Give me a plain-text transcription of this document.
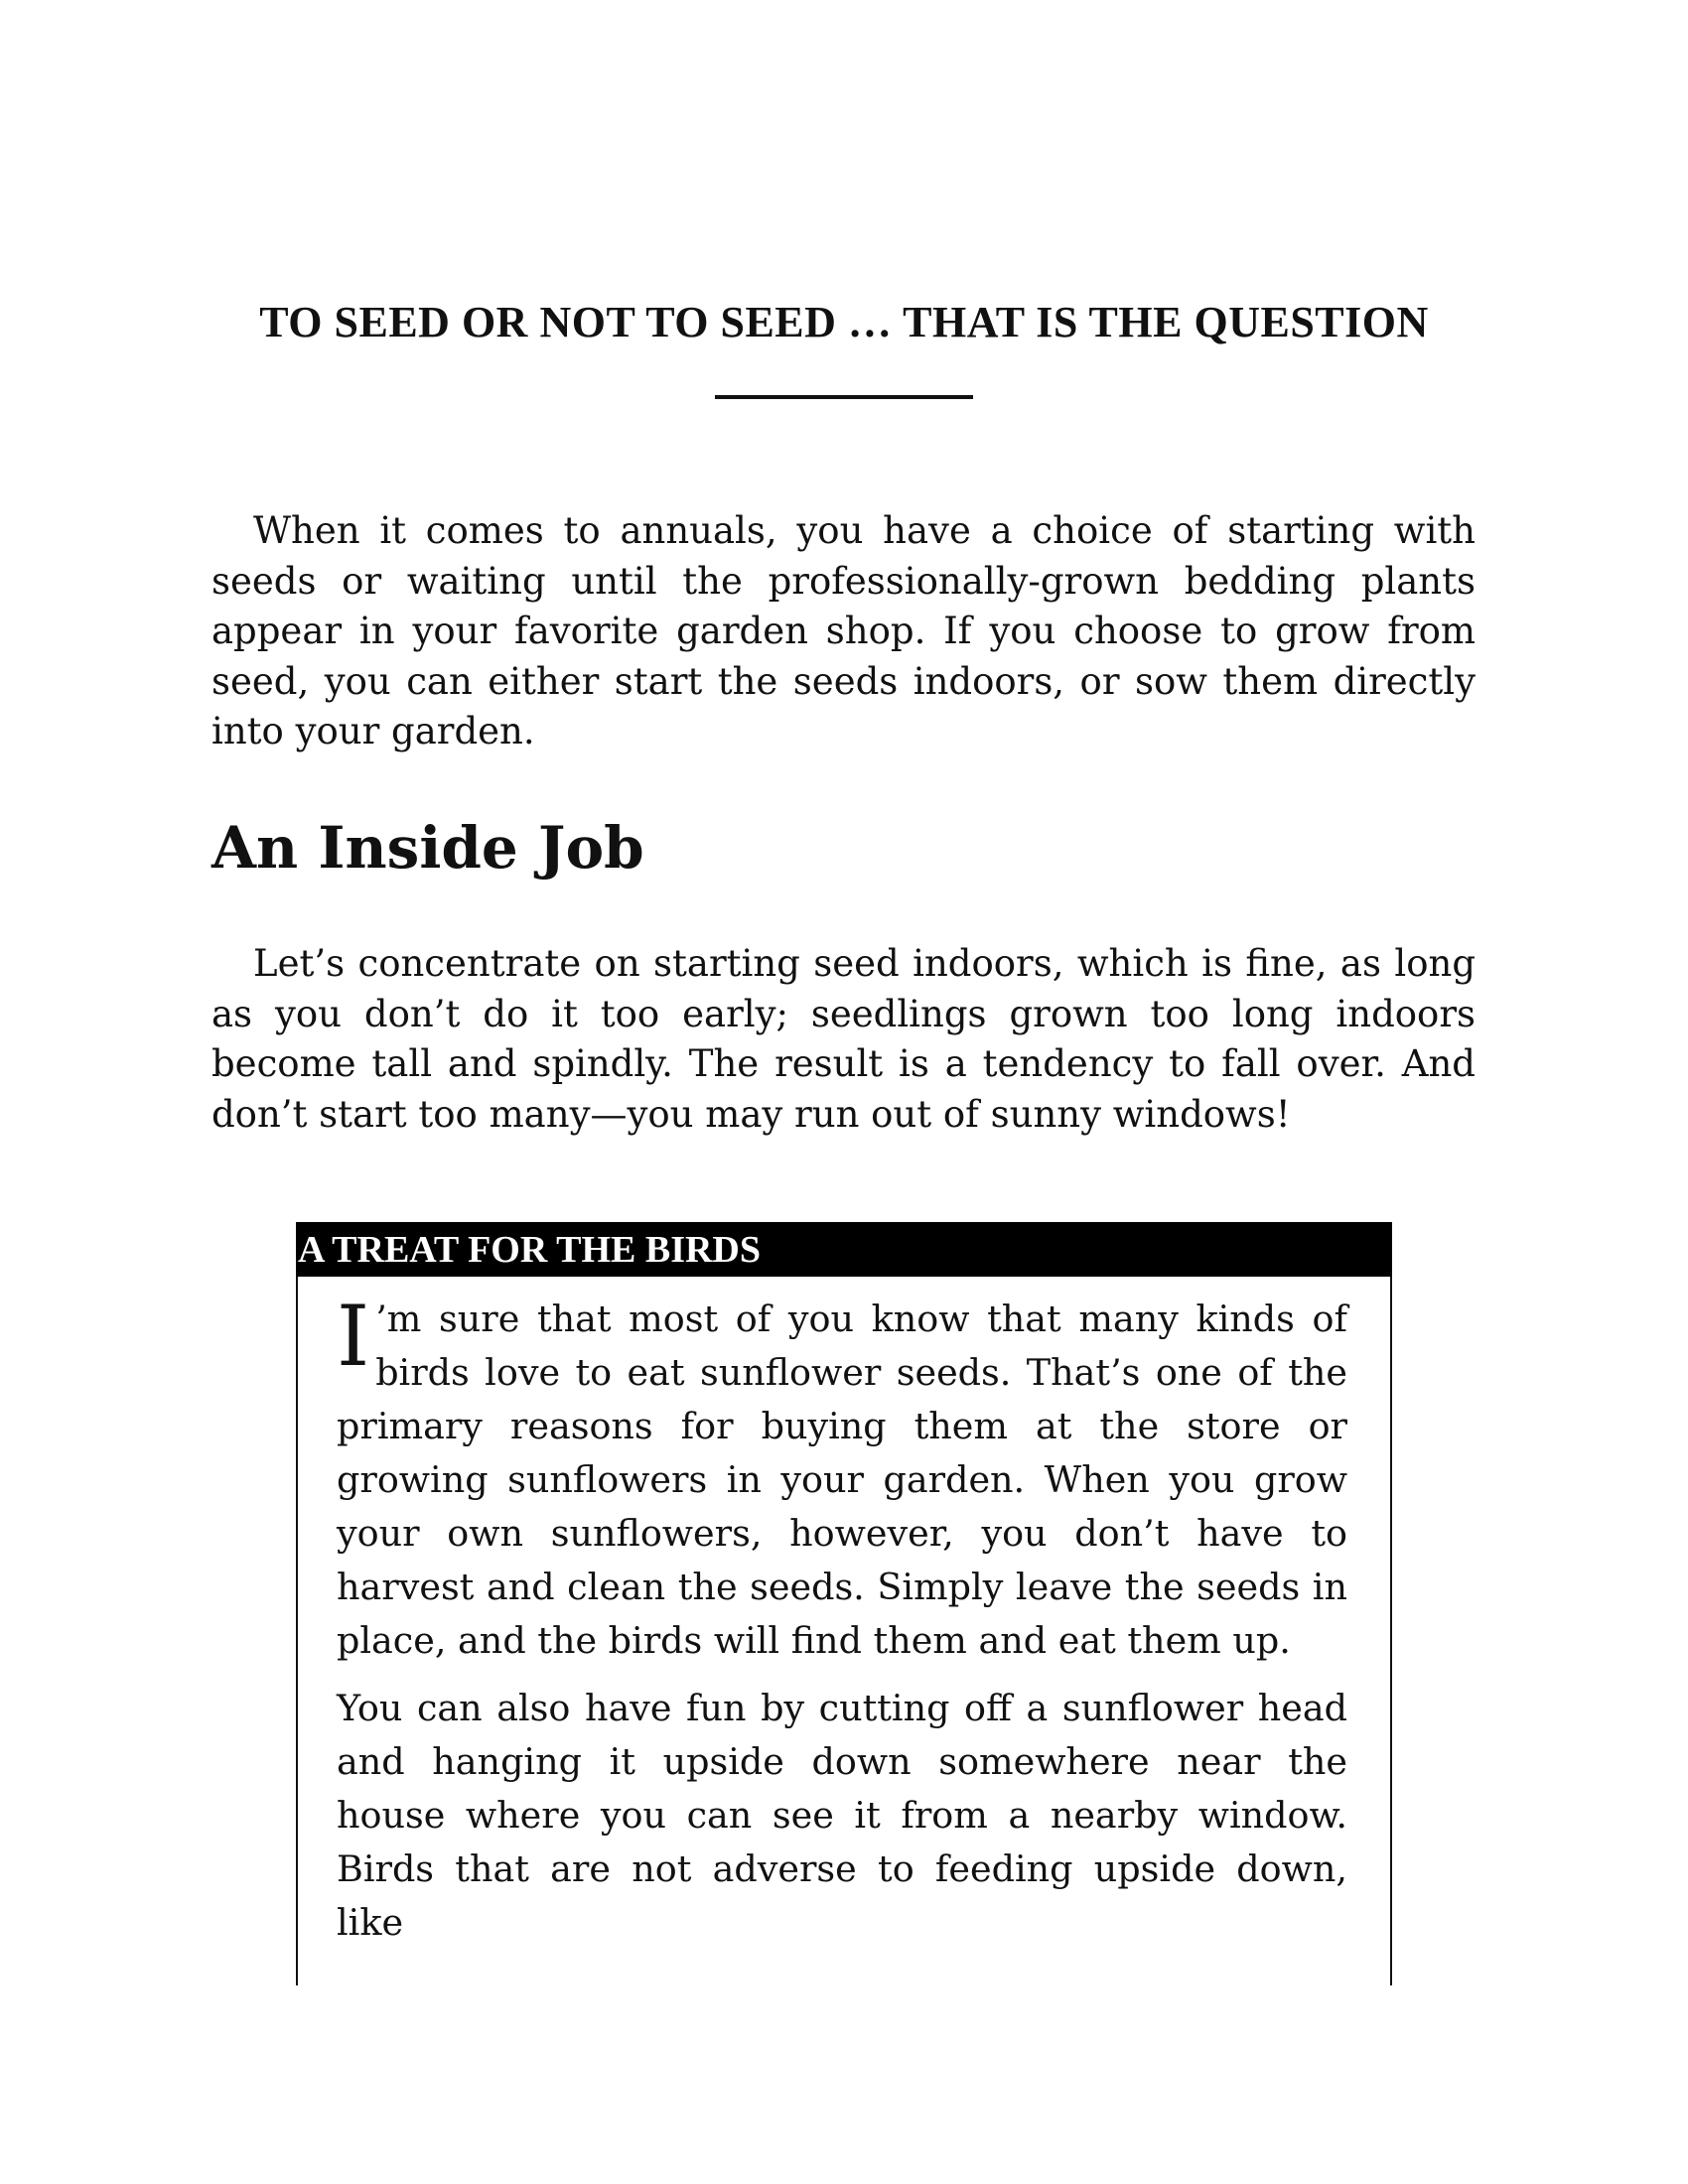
TO SEED OR NOT TO SEED … THAT IS THE QUESTION

When it comes to annuals, you have a choice of starting with seeds or waiting until the professionally-grown bedding plants appear in your favorite garden shop. If you choose to grow from seed, you can either start the seeds indoors, or sow them directly into your garden.

An Inside Job

Let’s concentrate on starting seed indoors, which is fine, as long as you don’t do it too early; seedlings grown too long indoors become tall and spindly. The result is a tendency to fall over. And don’t start too many—you may run out of sunny windows!

A TREAT FOR THE BIRDS

I ’m sure that most of you know that many kinds of birds love to eat sunflower seeds. That’s one of the primary reasons for buying them at the store or growing sunflowers in your garden. When you grow your own sunflowers, however, you don’t have to harvest and clean the seeds. Simply leave the seeds in place, and the birds will find them and eat them up.

You can also have fun by cutting off a sunflower head and hanging it upside down somewhere near the house where you can see it from a nearby window. Birds that are not adverse to feeding upside down, like
